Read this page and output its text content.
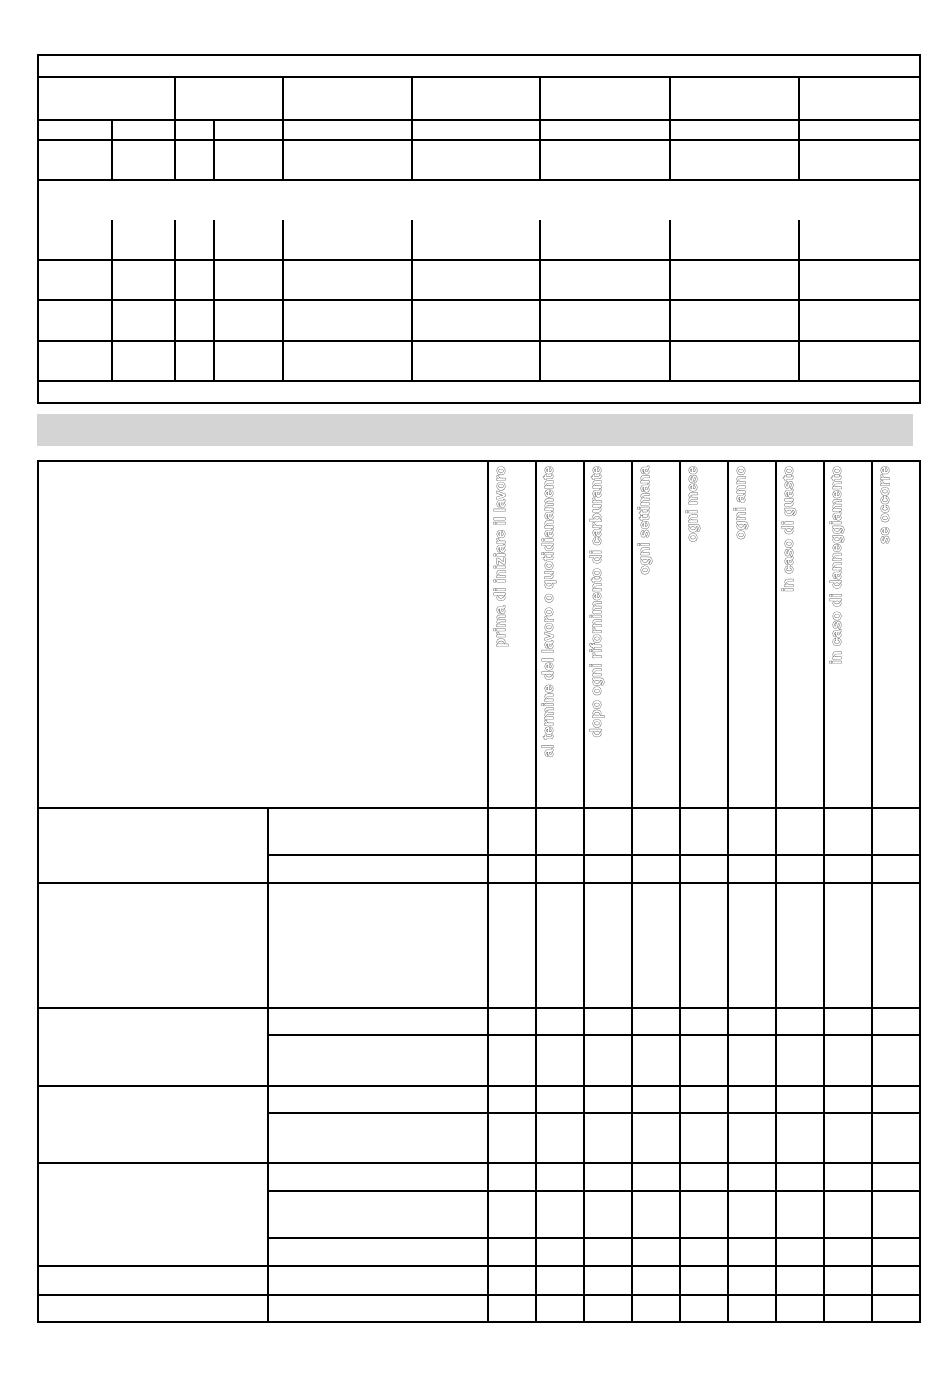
prima di iniziare il lavoro al termine del lavoro o quotidianamente dopo ogni rifornimento di carburante ogni settimana ogni mese ogni anno in caso di guasto in caso di danneggiamento se occorre
